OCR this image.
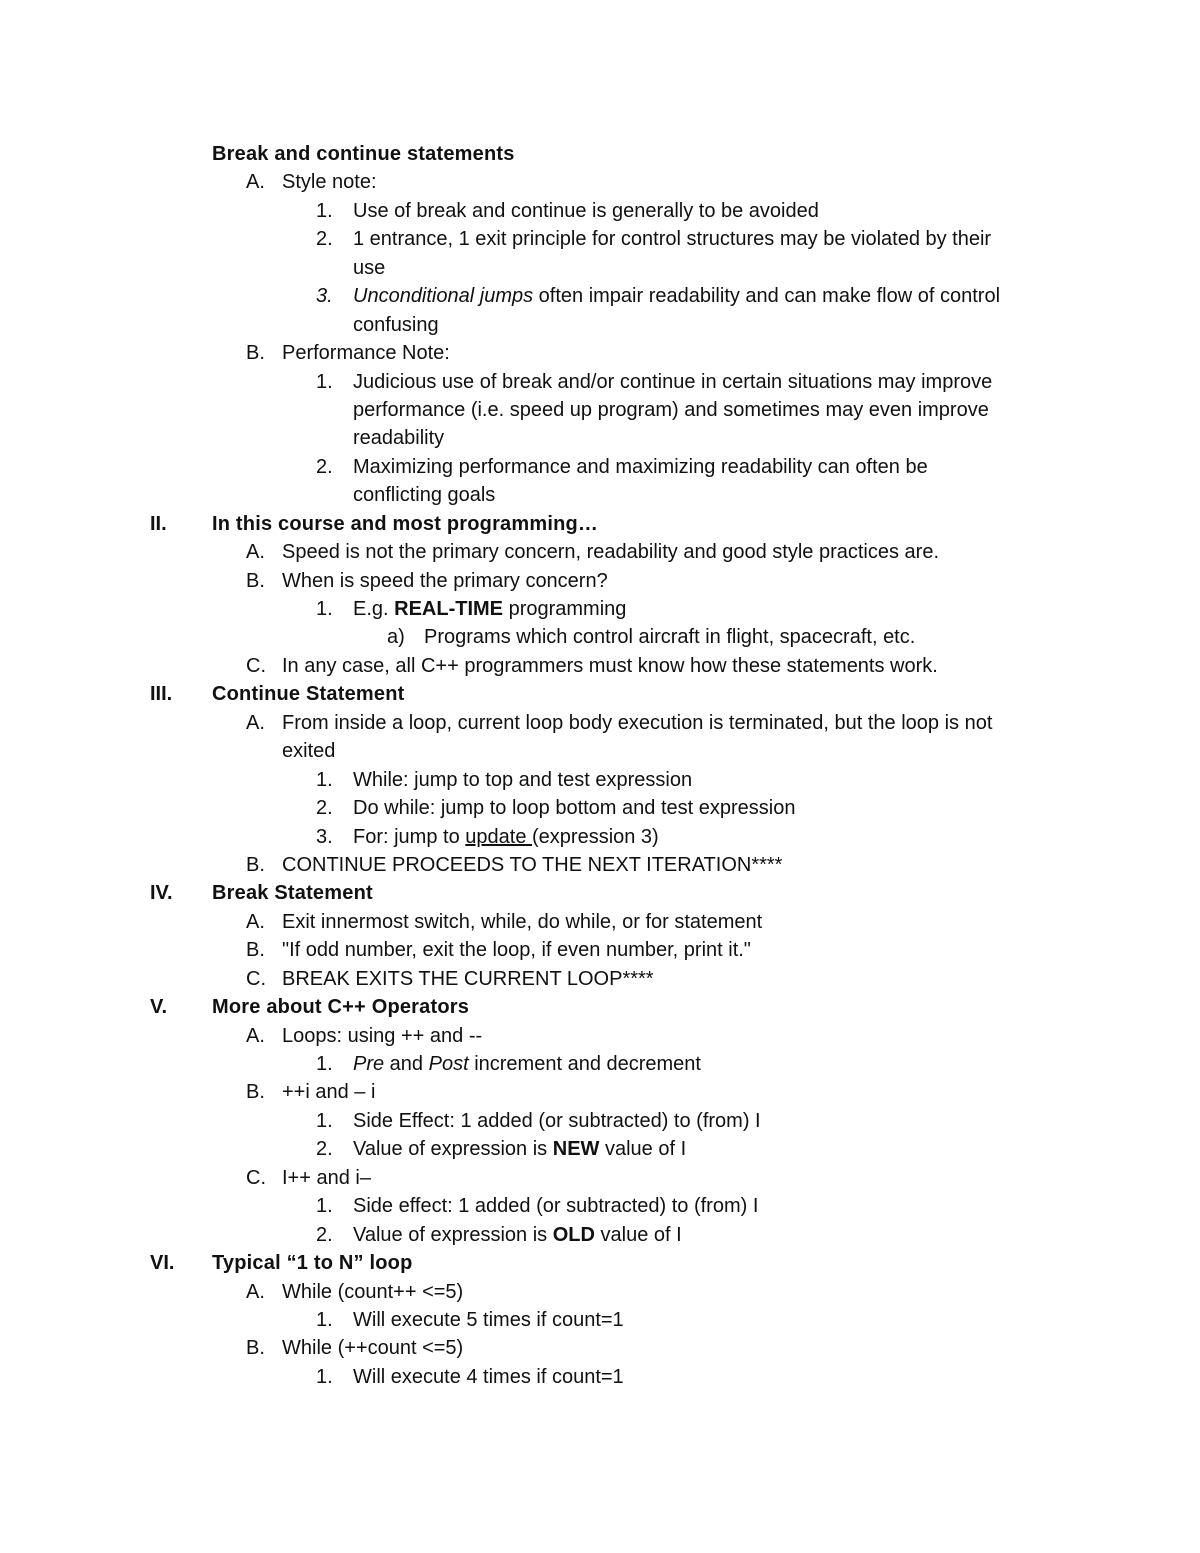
Break and continue statements
A. Style note:
1. Use of break and continue is generally to be avoided
2. 1 entrance, 1 exit principle for control structures may be violated by their
use
3. Unconditional jumps often impair readability and can make flow of control
confusing
B. Performance Note:
1. Judicious use of break and/or continue in certain situations may improve
performance (i.e. speed up program) and sometimes may even improve
readability
2. Maximizing performance and maximizing readability can often be
conflicting goals
II. In this course and most programming…
A. Speed is not the primary concern, readability and good style practices are.
B. When is speed the primary concern?
1. E.g. REAL-TIME programming
a) Programs which control aircraft in flight, spacecraft, etc.
C. In any case, all C++ programmers must know how these statements work.
III. Continue Statement
A. From inside a loop, current loop body execution is terminated, but the loop is not
exited
1. While: jump to top and test expression
2. Do while: jump to loop bottom and test expression
3. For: jump to update (expression 3)
B. CONTINUE PROCEEDS TO THE NEXT ITERATION****
IV. Break Statement
A. Exit innermost switch, while, do while, or for statement
B. "If odd number, exit the loop, if even number, print it."
C. BREAK EXITS THE CURRENT LOOP****
V. More about C++ Operators
A. Loops: using ++ and --
1. Pre and Post increment and decrement
B. ++i and – i
1. Side Effect: 1 added (or subtracted) to (from) I
2. Value of expression is NEW value of I
C. I++ and i–
1. Side effect: 1 added (or subtracted) to (from) I
2. Value of expression is OLD value of I
VI. Typical “1 to N” loop
A. While (count++ <=5)
1. Will execute 5 times if count=1
B. While (++count <=5)
1. Will execute 4 times if count=1
